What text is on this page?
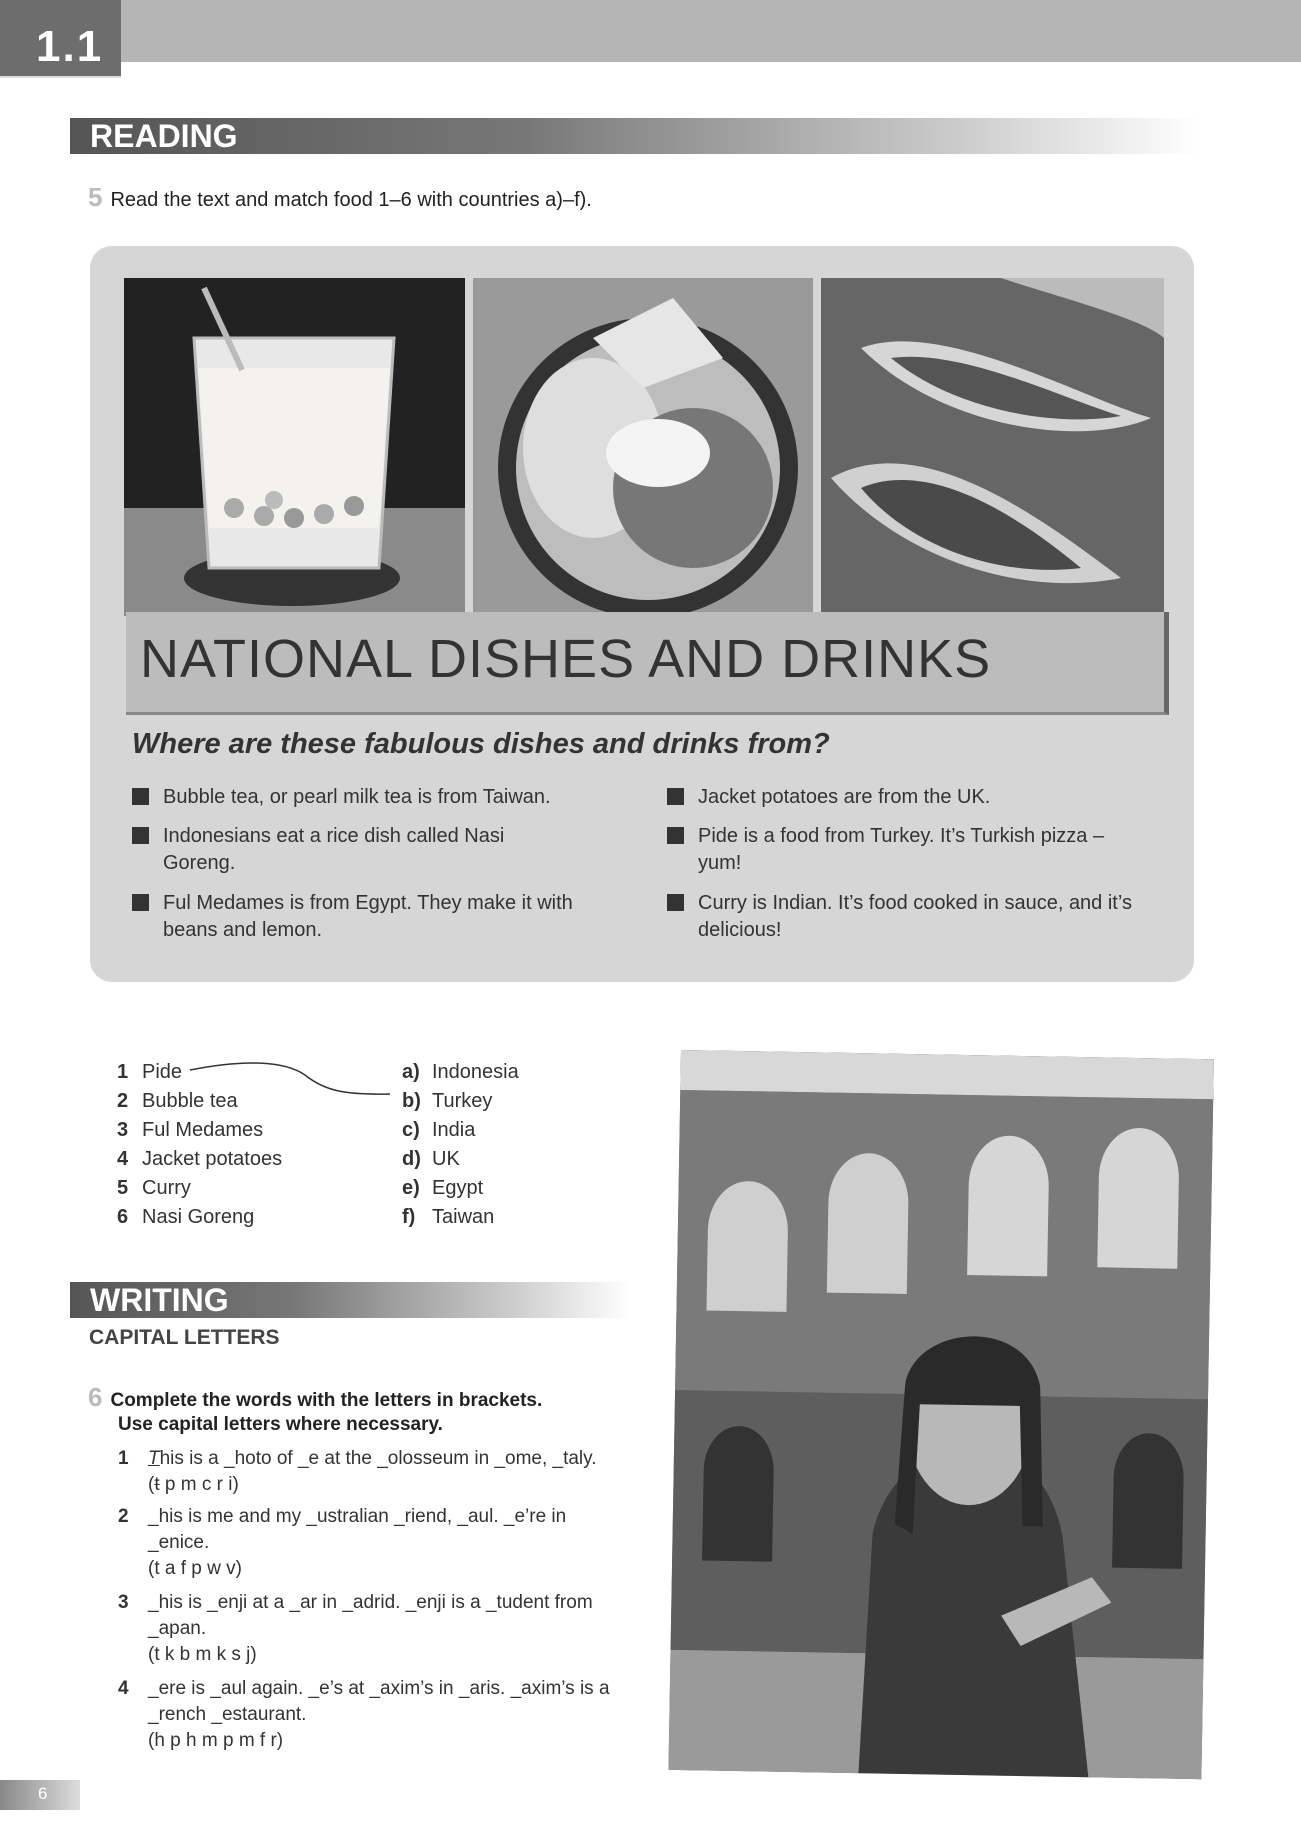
1.1
READING
5 Read the text and match food 1–6 with countries a)–f).
NATIONAL DISHES AND DRINKS
Where are these fabulous dishes and drinks from?
Bubble tea, or pearl milk tea is from Taiwan.
Indonesians eat a rice dish called Nasi Goreng.
Ful Medames is from Egypt. They make it with beans and lemon.
Jacket potatoes are from the UK.
Pide is a food from Turkey. It’s Turkish pizza – yum!
Curry is Indian. It’s food cooked in sauce, and it’s delicious!
1 Pide
2 Bubble tea
3 Ful Medames
4 Jacket potatoes
5 Curry
6 Nasi Goreng
a) Indonesia
b) Turkey
c) India
d) UK
e) Egypt
f) Taiwan
WRITING
CAPITAL LETTERS
6 Complete the words with the letters in brackets.
Use capital letters where necessary.
1 This is a _hoto of _e at the _olosseum in _ome, _taly.
(t p m c r i)
2 _his is me and my _ustralian _riend, _aul. _e’re in _enice.
(t a f p w v)
3 _his is _enji at a _ar in _adrid. _enji is a _tudent from _apan.
(t k b m k s j)
4 _ere is _aul again. _e’s at _axim’s in _aris. _axim’s is a _rench _estaurant.
(h p h m p m f r)
6
